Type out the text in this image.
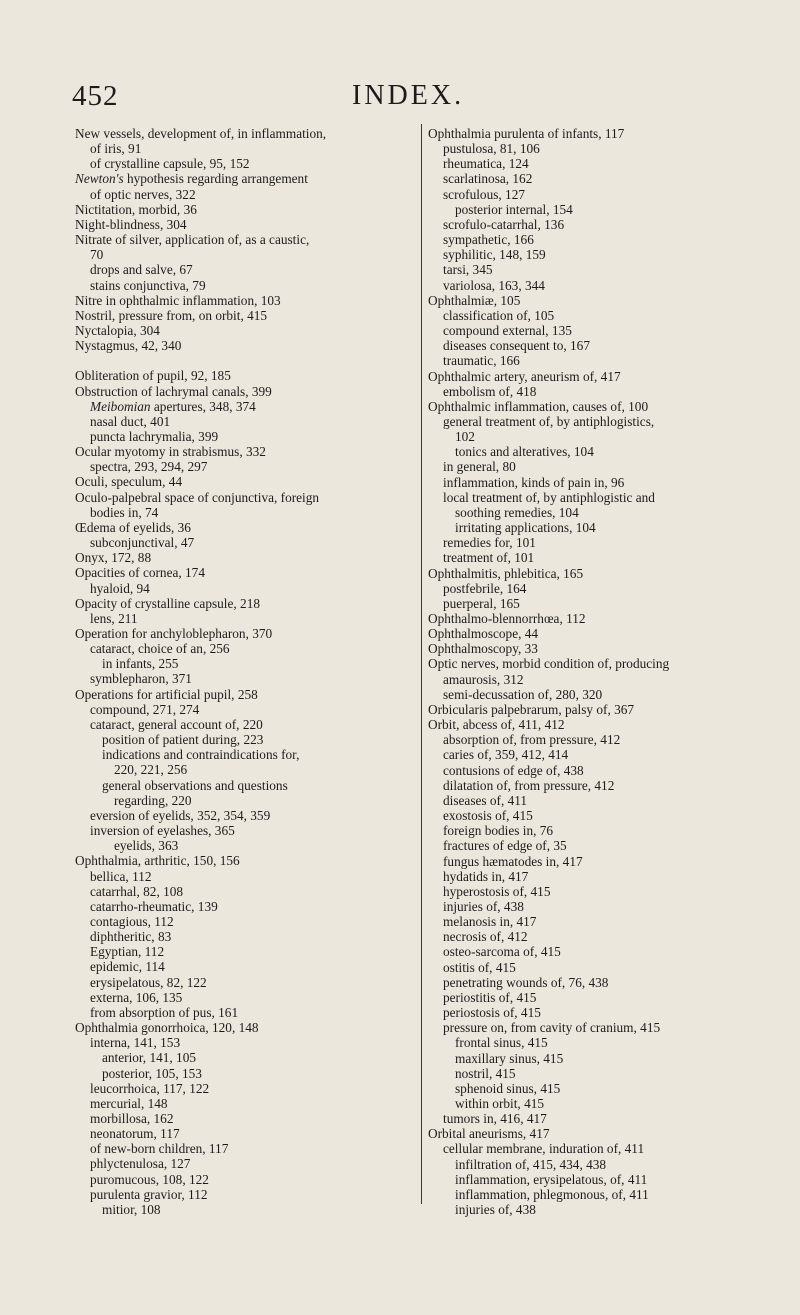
452	INDEX.
New vessels, development of, in inflammation,
of iris, 91
of crystalline capsule, 95, 152
Newton's hypothesis regarding arrangement
of optic nerves, 322
Nictitation, morbid, 36
Night-blindness, 304
Nitrate of silver, application of, as a caustic,
70
drops and salve, 67
stains conjunctiva, 79
Nitre in ophthalmic inflammation, 103
Nostril, pressure from, on orbit, 415
Nyctalopia, 304
Nystagmus, 42, 340
Obliteration of pupil, 92, 185
Obstruction of lachrymal canals, 399
Meibomian apertures, 348, 374
nasal duct, 401
puncta lachrymalia, 399
Ocular myotomy in strabismus, 332
spectra, 293, 294, 297
Oculi, speculum, 44
Oculo-palpebral space of conjunctiva, foreign
bodies in, 74
Œdema of eyelids, 36
subconjunctival, 47
Onyx, 172, 88
Opacities of cornea, 174
hyaloid, 94
Opacity of crystalline capsule, 218
lens, 211
Operation for anchyloblepharon, 370
cataract, choice of an, 256
in infants, 255
symblepharon, 371
Operations for artificial pupil, 258
compound, 271, 274
cataract, general account of, 220
position of patient during, 223
indications and contraindications for,
220, 221, 256
general observations and questions
regarding, 220
eversion of eyelids, 352, 354, 359
inversion of eyelashes, 365
eyelids, 363
Ophthalmia, arthritic, 150, 156
bellica, 112
catarrhal, 82, 108
catarrho-rheumatic, 139
contagious, 112
diphtheritic, 83
Egyptian, 112
epidemic, 114
erysipelatous, 82, 122
externa, 106, 135
from absorption of pus, 161
Ophthalmia gonorrhoica, 120, 148
interna, 141, 153
anterior, 141, 105
posterior, 105, 153
leucorrhoica, 117, 122
mercurial, 148
morbillosa, 162
neonatorum, 117
of new-born children, 117
phlyctenulosa, 127
puromucous, 108, 122
purulenta gravior, 112
mitior, 108
Ophthalmia purulenta of infants, 117
pustulosa, 81, 106
rheumatica, 124
scarlatinosa, 162
scrofulous, 127
posterior internal, 154
scrofulo-catarrhal, 136
sympathetic, 166
syphilitic, 148, 159
tarsi, 345
variolosa, 163, 344
Ophthalmiæ, 105
classification of, 105
compound external, 135
diseases consequent to, 167
traumatic, 166
Ophthalmic artery, aneurism of, 417
embolism of, 418
Ophthalmic inflammation, causes of, 100
general treatment of, by antiphlogistics,
102
tonics and alteratives, 104
in general, 80
inflammation, kinds of pain in, 96
local treatment of, by antiphlogistic and
soothing remedies, 104
irritating applications, 104
remedies for, 101
treatment of, 101
Ophthalmitis, phlebitica, 165
postfebrile, 164
puerperal, 165
Ophthalmo-blennorrhœa, 112
Ophthalmoscope, 44
Ophthalmoscopy, 33
Optic nerves, morbid condition of, producing
amaurosis, 312
semi-decussation of, 280, 320
Orbicularis palpebrarum, palsy of, 367
Orbit, abcess of, 411, 412
absorption of, from pressure, 412
caries of, 359, 412, 414
contusions of edge of, 438
dilatation of, from pressure, 412
diseases of, 411
exostosis of, 415
foreign bodies in, 76
fractures of edge of, 35
fungus hæmatodes in, 417
hydatids in, 417
hyperostosis of, 415
injuries of, 438
melanosis in, 417
necrosis of, 412
osteo-sarcoma of, 415
ostitis of, 415
penetrating wounds of, 76, 438
periostitis of, 415
periostosis of, 415
pressure on, from cavity of cranium, 415
frontal sinus, 415
maxillary sinus, 415
nostril, 415
sphenoid sinus, 415
within orbit, 415
tumors in, 416, 417
Orbital aneurisms, 417
cellular membrane, induration of, 411
infiltration of, 415, 434, 438
inflammation, erysipelatous, of, 411
inflammation, phlegmonous, of, 411
injuries of, 438
